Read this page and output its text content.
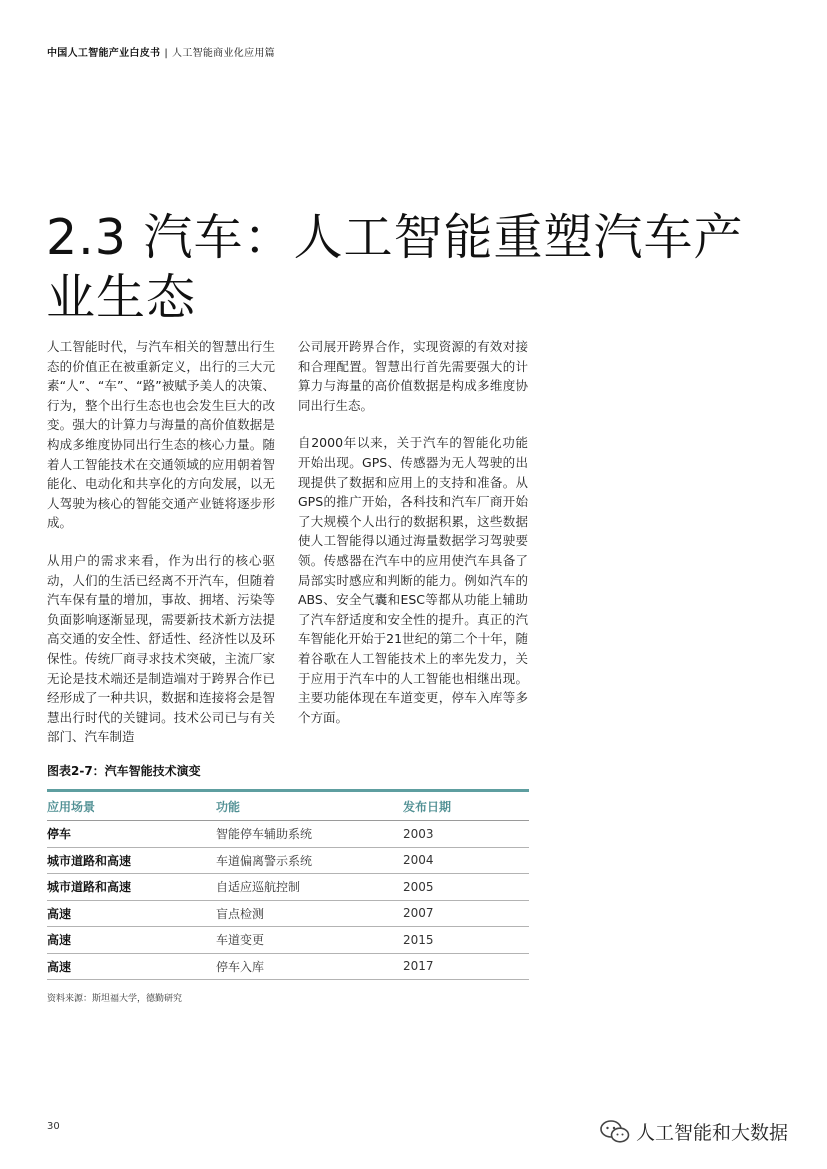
中国人工智能产业白皮书 | 人工智能商业化应用篇
2.3 汽车：人工智能重塑汽车产业生态

人工智能时代，与汽车相关的智慧出行生态的价值正在被重新定义，出行的三大元素“人”、“车”、“路”被赋予美人的决策、行为，整个出行生态也也会发生巨大的改变。强大的计算力与海量的高价值数据是构成多维度协同出行生态的核心力量。随着人工智能技术在交通领域的应用朝着智能化、电动化和共享化的方向发展，以无人驾驶为核心的智能交通产业链将逐步形成。

从用户的需求来看，作为出行的核心驱动，人们的生活已经离不开汽车，但随着汽车保有量的增加，事故、拥堵、污染等负面影响逐渐显现，需要新技术新方法提高交通的安全性、舒适性、经济性以及环保性。传统厂商寻求技术突破，主流厂家无论是技术端还是制造端对于跨界合作已经形成了一种共识，数据和连接将会是智慧出行时代的关键词。技术公司已与有关部门、汽车制造

公司展开跨界合作，实现资源的有效对接和合理配置。智慧出行首先需要强大的计算力与海量的高价值数据是构成多维度协同出行生态。

自2000年以来，关于汽车的智能化功能开始出现。GPS、传感器为无人驾驶的出现提供了数据和应用上的支持和准备。从GPS的推广开始，各科技和汽车厂商开始了大规模个人出行的数据积累，这些数据使人工智能得以通过海量数据学习驾驶要领。传感器在汽车中的应用使汽车具备了局部实时感应和判断的能力。例如汽车的ABS、安全气囊和ESC等都从功能上辅助了汽车舒适度和安全性的提升。真正的汽车智能化开始于21世纪的第二个十年，随着谷歌在人工智能技术上的率先发力，关于应用于汽车中的人工智能也相继出现。主要功能体现在车道变更，停车入库等多个方面。

图表2-7：汽车智能技术演变
应用场景	功能	发布日期
停车	智能停车辅助系统	2003
城市道路和高速	车道偏离警示系统	2004
城市道路和高速	自适应巡航控制	2005
高速	盲点检测	2007
高速	车道变更	2015
高速	停车入库	2017
资料来源：斯坦福大学，德勤研究
30	人工智能和大数据
